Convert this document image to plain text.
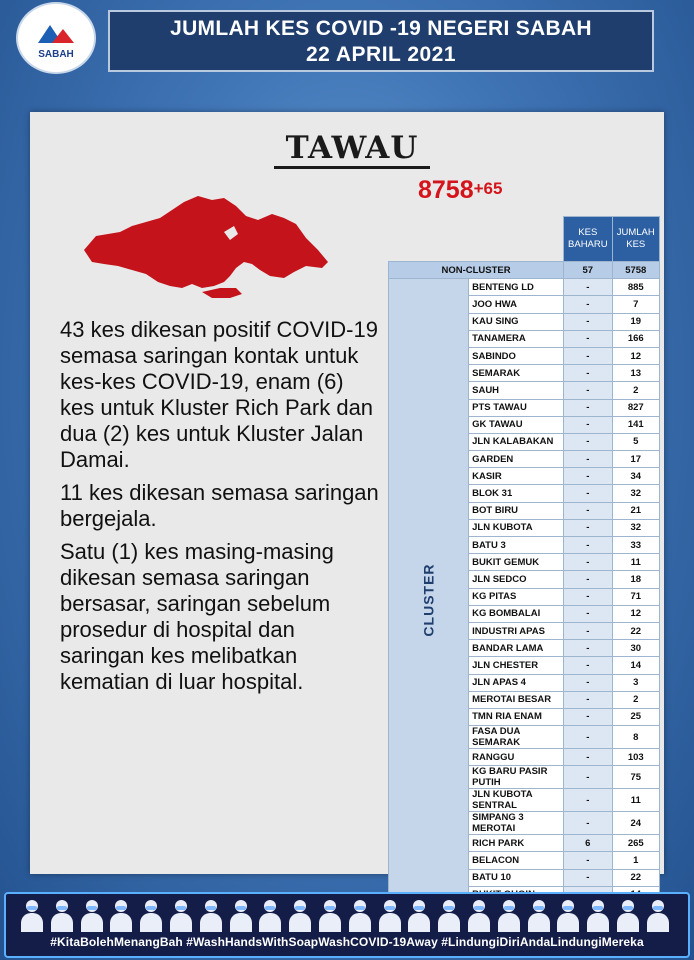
SABAH
JUMLAH KES COVID -19 NEGERI SABAH
22 APRIL 2021
TAWAU
$8758^{+65}$

43 kes dikesan positif COVID-19 semasa saringan kontak untuk kes-kes COVID-19, enam (6) kes untuk Kluster Rich Park dan dua (2) kes untuk Kluster Jalan Damai.

11 kes dikesan semasa saringan bergejala.

Satu (1) kes masing-masing dikesan semasa saringan bersasar, saringan sebelum prosedur di hospital dan saringan kes melibatkan kematian di luar hospital.

		KES BAHARU	JUMLAH KES
NON-CLUSTER		57	5758
CLUSTER	BENTENG LD	-	885
	JOO HWA	-	7
	KAU SING	-	19
	TANAMERA	-	166
	SABINDO	-	12
	SEMARAK	-	13
	SAUH	-	2
	PTS TAWAU	-	827
	GK TAWAU	-	141
	JLN KALABAKAN	-	5
	GARDEN	-	17
	KASIR	-	34
	BLOK 31	-	32
	BOT BIRU	-	21
	JLN KUBOTA	-	32
	BATU 3	-	33
	BUKIT GEMUK	-	11
	JLN SEDCO	-	18
	KG PITAS	-	71
	KG BOMBALAI	-	12
	INDUSTRI APAS	-	22
	BANDAR LAMA	-	30
	JLN CHESTER	-	14
	JLN APAS 4	-	3
	MEROTAI BESAR	-	2
	TMN RIA ENAM	-	25
	FASA DUA SEMARAK	-	8
	RANGGU	-	103
	KG BARU PASIR PUTIH	-	75
	JLN KUBOTA SENTRAL	-	11
	SIMPANG 3 MEROTAI	-	24
	RICH PARK	6	265
	BELACON	-	1
	BATU 10	-	22

#KitaBolehMenangBah #WashHandsWithSoapWashCOVID-19Away #LindungiDiriAndaLindungiMereka
